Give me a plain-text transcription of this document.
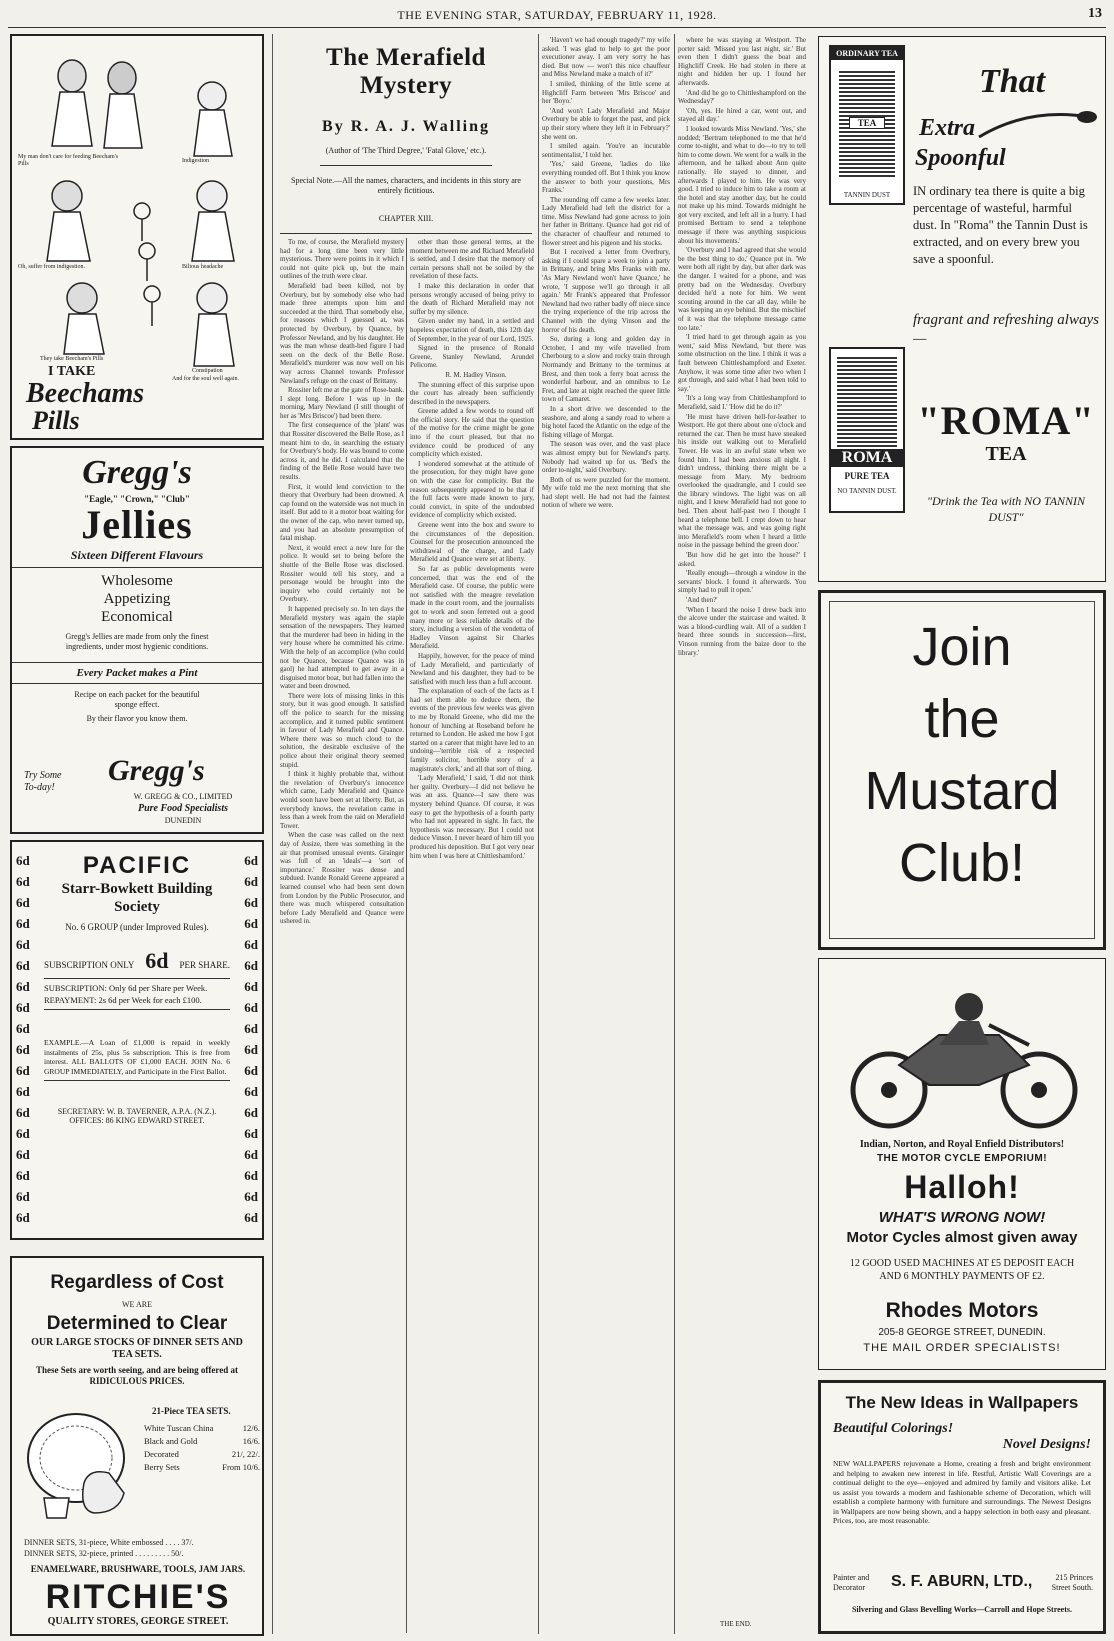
THE EVENING STAR, SATURDAY, FEBRUARY 11, 1928.	13
My man don't care for feeding Beecham's Pills	Indigestion
Oh, suffer from indigestion.	Bilious headache
They take Beecham's Pills
Constipation
And for the soul well again.
I TAKE
Beechams
Pills
Gregg's
"Eagle," "Crown," "Club"
Jellies
Sixteen Different Flavours
Wholesome
Appetizing
Economical
Gregg's Jellies are made from only the finest ingredients, under most hygienic conditions.
Every Packet makes a Pint
Recipe on each packet for the beautiful sponge effect.
By their flavor you know them.
Try Some
To-day!
Gregg's
W. GREGG & CO., LIMITED
Pure Food Specialists
DUNEDIN
6d
6d
6d
6d
6d
6d
6d
6d
6d
6d
6d
6d
6d
6d
6d
6d
6d
6d
6d
6d
6d
6d
6d
6d
6d
6d
6d
6d
6d
6d
6d
6d
6d
6d
6d
6d
PACIFIC
Starr-Bowkett Building Society
No. 6 GROUP (under Improved Rules).
SUBSCRIPTION ONLY 6d PER SHARE.
SUBSCRIPTION: Only 6d per Share per Week.
REPAYMENT: 2s 6d per Week for each £100.
EXAMPLE.—A Loan of £1,000 is repaid in weekly instalments of 25s, plus 5s subscription. This is free from interest. ALL BALLOTS OF £1,000 EACH. JOIN No. 6 GROUP IMMEDIATELY, and Participate in the First Ballot.
SECRETARY: W. B. TAVERNER, A.P.A. (N.Z.).
OFFICES: 86 KING EDWARD STREET.
Regardless of Cost
WE ARE
Determined to Clear
OUR LARGE STOCKS OF DINNER SETS AND TEA SETS.
These Sets are worth seeing, and are being offered at RIDICULOUS PRICES.
21-Piece TEA SETS.
White Tuscan China	12/6.
Black and Gold	16/6.
Decorated	21/, 22/.
Berry Sets	From 10/6.
DINNER SETS, 31-piece, White embossed . . . . 37/.
DINNER SETS, 32-piece, printed . . . . . . . . . 50/.
ENAMELWARE, BRUSHWARE, TOOLS, JAM JARS.
RITCHIE'S
QUALITY STORES, GEORGE STREET.
The Merafield Mystery
By R. A. J. Walling
(Author of 'The Third Degree,' 'Fatal Glove,' etc.).
Special Note.—All the names, characters, and incidents in this story are entirely fictitious.
CHAPTER XIII.

To me, of course, the Merafield mystery had for a long time been very little mysterious. There were points in it which I could not quite pick up, but the main outlines of the truth were clear.

Merafield had been killed, not by Overbury, but by somebody else who had made three attempts upon him and succeeded at the third. That somebody else, for reasons which I guessed at, was protected by Overbury, by Quance, by Professor Newland, and by his daughter. He was the man whose death-bed figure I had seen on the deck of the Belle Rose. Merafield's murderer was now well on his way across Channel towards Professor Newland's refuge on the coast of Brittany.

Rossiter left me at the gate of Rose-bank. I slept long. Before I was up in the morning, Mary Newland (I still thought of her as 'Mrs Briscoe') had been there.

The first consequence of the 'plant' was that Rossiter discovered the Belle Rose, as I meant him to do, in searching the estuary for Overbury's body. He was bound to come across it, and he did. I calculated that the finding of the Belle Rose would have two results.

First, it would lend conviction to the theory that Overbury had been drowned. A cap found on the waterside was not much in itself. But add to it a motor boat waiting for the owner of the cap, who never turned up, and you had an absolute presumption of fatal mishap.

Next, it would erect a new lure for the police. It would set to being before the shuttle of the Belle Rose was disclosed. Rossiter would tell his story, and a personage would be brought into the inquiry who could certainly not be Overbury.

It happened precisely so. In ten days the Merafield mystery was again the staple sensation of the newspapers. They learned that the murderer had been in hiding in the very house where he committed his crime. With the help of an accomplice (who could not be Quance, because Quance was in gaol) he had attempted to get away in a disguised motor boat, but had fallen into the water and been drowned.

There were lots of missing links in this story, but it was good enough. It satisfied off the police to search for the missing accomplice, and it turned public sentiment in favour of Lady Merafield and Quance. Where there was so much cloud to the solution, the desirable exclusive of the police about their original theory seemed stupid.

I think it highly probable that, without the revelation of Overbury's innocence which came, Lady Merafield and Quance would soon have been set at liberty. But, as everybody knows, the revelation came in less than a week from the raid on Merafield Tower.

When the case was called on the next day of Assize, there was something in the air that promised unusual events. Grainger was full of an 'ideals'—a 'sort of importance.' Rossiter was dense and subdued. Ivande Ronald Greene appeared a learned counsel who had been sent down from London by the Public Prosecutor, and there was much whispered consultation before Lady Merafield and Quance were ushered in.

other than those general terms, at the moment between me and Richard Merafield is settled, and I desire that the memory of certain persons shall not be soiled by the revelation of these facts.

I make this declaration in order that persons wrongly accused of being privy to the death of Richard Merafield may not suffer by my silence.

Given under my hand, in a settled and hopeless expectation of death, this 12th day of September, in the year of our Lord, 1925.

Signed in the presence of Ronald Greene, Stanley Newland, Arundel Pelicome.

R. M. Hadley Vinson.

The stunning effect of this surprise upon the court has already been sufficiently described in the newspapers.

Greene added a few words to round off the official story. He said that the question of the motive for the crime might be gone into if the court pleased, but that no evidence could be produced of any complicity which existed.

I wondered somewhat at the attitude of the prosecution, for they might have gone on with the case for complicity. But the reason subsequently appeared to be that if the full facts were made known to jury, could convict, in spite of the undoubted evidence of complicity which existed.

Greene went into the box and swore to the circumstances of the deposition. Counsel for the prosecution announced the withdrawal of the charge, and Lady Merafield and Quance were set at liberty.

So far as public developments were concerned, that was the end of the Merafield case. Of course, the public were not satisfied with the meagre revelation made in the court room, and the journalists got to work and soon ferreted out a good many more or less reliable details of the story, including a version of the vendetta of Hadley Vinson against Sir Charles Merafield.

Happily, however, for the peace of mind of Lady Merafield, and particularly of Newland and his daughter, they had to be satisfied with much less than a full account.

The explanation of each of the facts as I had set them able to deduce them, the events of the previous few weeks was given to me by Ronald Greene, who did me the honour of lunching at Roseband before he returned to London. He asked me how I got started on a career that might have led to an undoing—'terrible risk of a respected family solicitor, horrible story of a magistrate's clerk,' and all that sort of thing.

'Lady Merafield,' I said, 'I did not think her guilty. Overbury—I did not believe he was an ass. Quance—I saw there was mystery behind Quance. Of course, it was easy to get the hypothesis of a fourth party who had not appeared in sight. In fact, the hypothesis was necessary. But I could not deduce Vinson. I never heard of him till you produced his deposition. But I got very near him when I was here at Chittleshamford.'

'Haven't we had enough tragedy?' my wife asked. 'I was glad to help to get the poor executioner away. I am very sorry he has died. But now — won't this nice chauffeur and Miss Newland make a match of it?'

I smiled, thinking of the little scene at Highcliff Farm between 'Mrs Briscoe' and her 'Boyo.'

'And won't Lady Merafield and Major Overbury be able to forget the past, and pick up their story where they left it in February?' she went on.

I smiled again. 'You're an incurable sentimentalist,' I told her.

'Yes,' said Greene, 'ladies do like everything rounded off. But I think you know the answer to both your questions, Mrs Franks.'

The rounding off came a few weeks later. Lady Merafield had left the district for a time. Miss Newland had gone across to join her father in Brittany. Quance had got rid of the character of chauffeur and returned to flower street and his pigeon and his stocks.

But I received a letter from Overbury, asking if I could spare a week to join a party in Brittany, and bring Mrs Franks with me. 'As Mary Newland won't have Quance,' he wrote, 'I suppose we'll go through it all again.' Mr Frank's appeared that Professor Newland had two rather badly off niece since the trying experience of the trip across the Channel with the dying Vinson and the horror of his death.

So, during a long and golden day in October, I and my wife travelled from Cherbourg to a slow and rocky train through Normandy and Brittany to the terminus at Brest, and then took a ferry boat across the wonderful harbour, and an omnibus to Le Fret, and late at night reached the queer little town of Camaret.

In a short drive we descended to the seashore, and along a sandy road to where a big hotel faced the Atlantic on the edge of the fishing village of Morgat.

The season was over, and the vast place was almost empty but for Newland's party. Nobody had waited up for us. 'Bed's the order to-night,' said Overbury.

Both of us were puzzled for the moment. My wife told me the next morning that she had slept well. He had not had the faintest notion of where we were.

where he was staying at Westport. The porter said: 'Missed you last night, sir.' But even then I didn't guess the boat and Highcliff Creek. He had stolen in there at night and hidden her up. I found her afterwards.

'And did he go to Chittleshampford on the Wednesday?'

'Oh, yes. He hired a car, went out, and stayed all day.'

I looked towards Miss Newland. 'Yes,' she nodded; 'Bertram telephoned to me that he'd come to-night, and what to do—to try to tell him to come down. We went for a walk in the afternoon, and he talked about Ann quite rationally. He stayed to dinner, and afterwards I played to him. He was very good. I tried to induce him to take a room at the hotel and stay another day, but he could not make up his mind. Towards midnight he got very excited, and left all in a hurry. I had promised Bertram to send a telephone message if there was anything suspicious about his movements.'

'Overbury and I had agreed that she would be the best thing to do,' Quance put in. 'We were both all right by day, but after dark was the danger. I waited for a phone, and was pretty bad on the Wednesday. Overbury decided he'd a note for him. We went scouting around in the car all day, while he was keeping an eye behind. But the mischief of it was that the telephone message came too late.'

'I tried hard to get through again as you went,' said Miss Newland, 'but there was some obstruction on the line. I think it was a fault between Chittleshampford and Exeter. Anyhow, it was some time after two when I got through, and said what I had been told to say.'

'It's a long way from Chittleshampford to Merafield, said I.' 'How did he do it?'

'He must have driven hell-for-leather to Westport. He got there about one o'clock and returned the car. Then he must have sneaked his inside out walking out to Merafield Tower. He was in an awful state when we found him. I had been anxious all night. I didn't undress, thinking there might be a message from Mary. My bedroom overlooked the quadrangle, and I could see the library windows. The light was on all night, and I knew Merafield had not gone to bed. Then about half-past two I thought I heard a telephone bell. I crept down to hear what the message was, and was going right into Merafield's room when I heard a little noise in the passage behind the green door.'

'But how did he get into the house?' I asked.

'Really enough—through a window in the servants' block. I found it afterwards. You simply had to pull it open.'

'And then?'

'When I heard the noise I drew back into the alcove under the staircase and waited. It was a blood-curdling wait. All of a sudden I heard three sounds in succession—first, Vinson running from the baize door to the library.'

THE END.
ORDINARY TEA
TEA
TANNIN DUST
That
Extra
Spoonful
IN ordinary tea there is quite a big percentage of wasteful, harmful dust. In "Roma" the Tannin Dust is extracted, and on every brew you save a spoonful.
fragrant and refreshing always—
ROMA
PURE TEA
NO TANNIN DUST.
"ROMA"
TEA
"Drink the Tea with NO TANNIN DUST"
Join
the
Mustard
Club!
Indian, Norton, and Royal Enfield Distributors!
THE MOTOR CYCLE EMPORIUM!
Halloh!
WHAT'S WRONG NOW!
Motor Cycles almost given away
12 GOOD USED MACHINES AT £5 DEPOSIT EACH AND 6 MONTHLY PAYMENTS OF £2.
Rhodes Motors
205-8 GEORGE STREET, DUNEDIN.
THE MAIL ORDER SPECIALISTS!
The New Ideas in Wallpapers
Beautiful Colorings!
Novel Designs!
NEW WALLPAPERS rejuvenate a Home, creating a fresh and bright environment and helping to awaken new interest in life. Restful, Artistic Wall Coverings are a continual delight to the eye—enjoyed and admired by family and visitors alike. Let us assist you towards a modern and fashionable scheme of Decoration, which will establish a complete harmony with furniture and surroundings. The Newest Designs in Wallpapers are now being shown, and a happy selection in both easy and pleasant. Prices, too, are most reasonable.
Painter and
Decorator S. F. ABURN, LTD.,	215 Princes
Street South.
Silvering and Glass Bevelling Works—Carroll and Hope Streets.
